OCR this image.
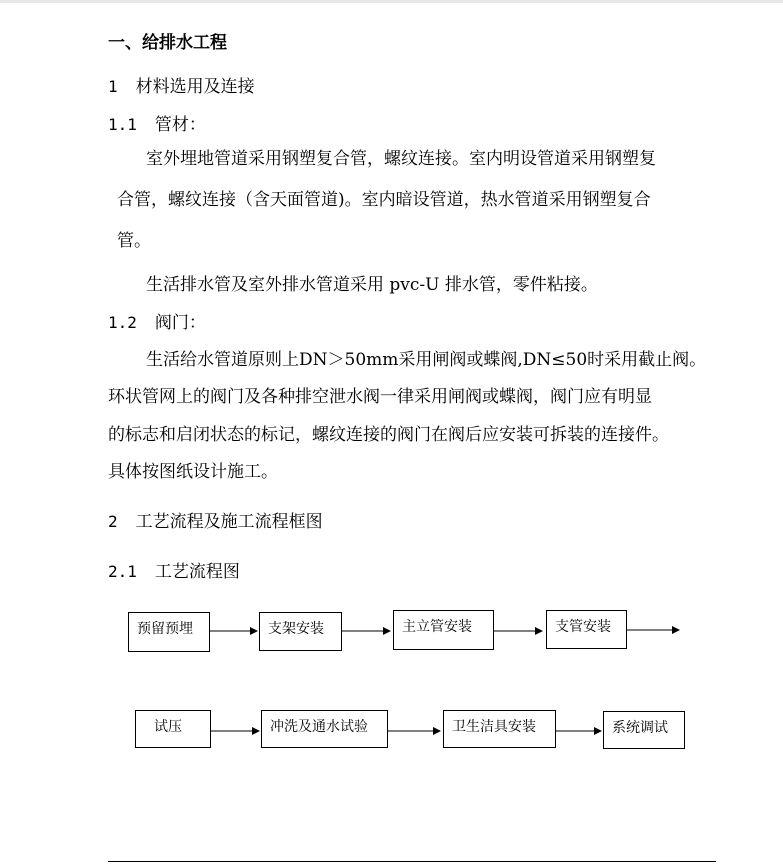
一、给排水工程
1 材料选用及连接
1.1 管材：
室外埋地管道采用钢塑复合管，螺纹连接。室内明设管道采用钢塑复
合管，螺纹连接（含天面管道)。室内暗设管道，热水管道采用钢塑复合
管。
生活排水管及室外排水管道采用 pvc-U 排水管，零件粘接。
1.2 阀门：
生活给水管道原则上DN＞50mm采用闸阀或蝶阀,DN≤50时采用截止阀。
环状管网上的阀门及各种排空泄水阀一律采用闸阀或蝶阀，阀门应有明显
的标志和启闭状态的标记，螺纹连接的阀门在阀后应安装可拆装的连接件。
具体按图纸设计施工。
2 工艺流程及施工流程框图
2.1 工艺流程图
预留预埋	支架安装	主立管安装	支管安装
试压	冲洗及通水试验	卫生洁具安装	系统调试
